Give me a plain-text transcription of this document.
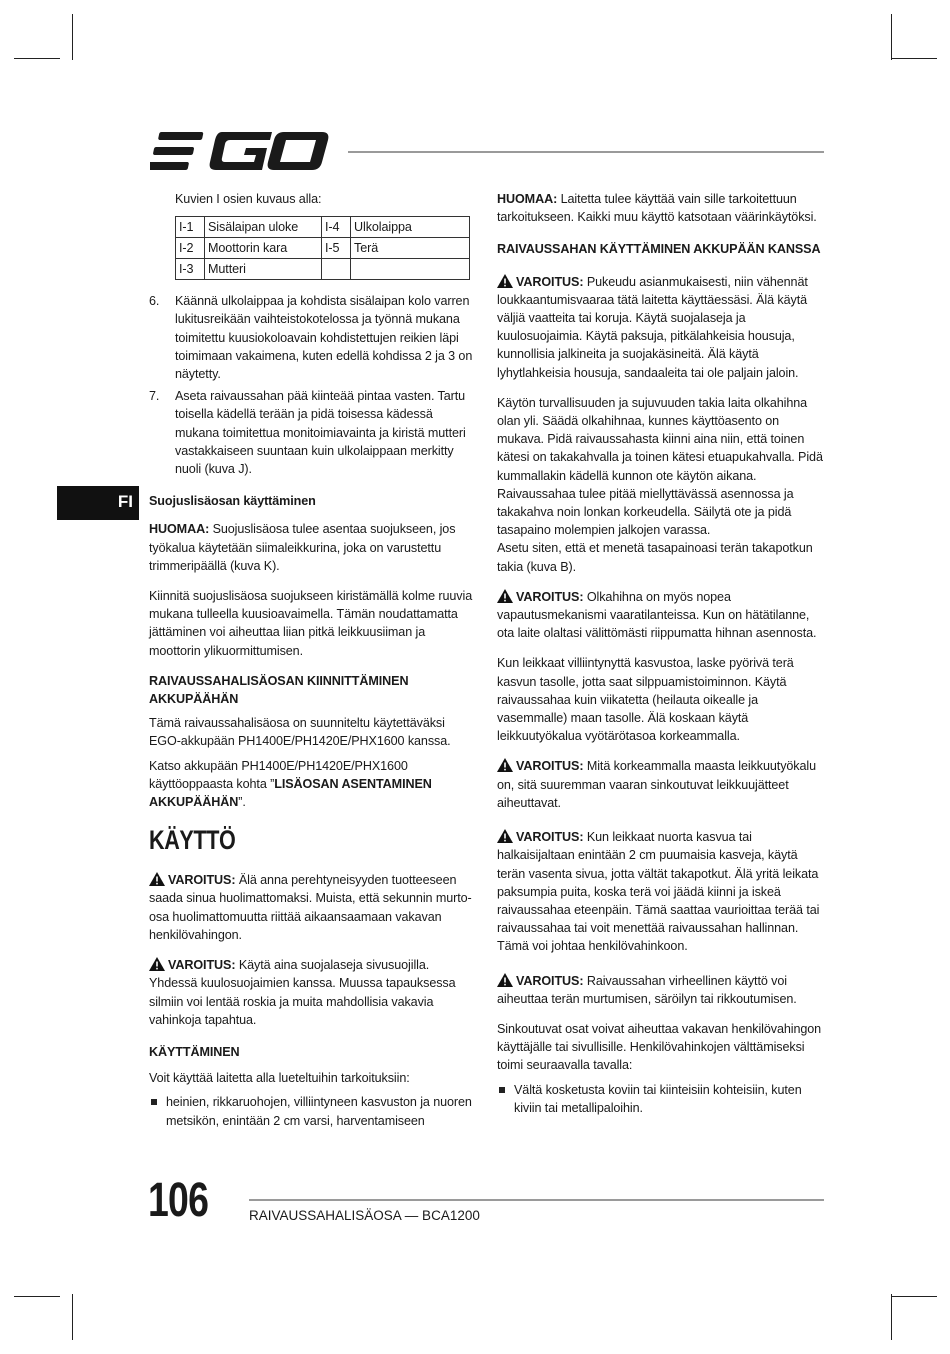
FI
Kuvien I osien kuvaus alla:
I-1	Sisälaipan uloke	I-4	Ulkolaippa
I-2	Moottorin kara	I-5	Terä
I-3	Mutteri		
6. Käännä ulkolaippaa ja kohdista sisälaipan kolo varren lukitusreikään vaihteistokotelossa ja työnnä mukana toimitettu kuusiokoloavain kohdistettujen reikien läpi toimimaan vakaimena, kuten edellä kohdissa 2 ja 3 on näytetty.
7. Aseta raivaussahan pää kiinteää pintaa vasten. Tartu toisella kädellä terään ja pidä toisessa kädessä mukana toimitettua monitoimiavainta ja kiristä mutteri vastakkaiseen suuntaan kuin ulkolaippaan merkitty nuoli (kuva J).
Suojuslisäosan käyttäminen

HUOMAA: Suojuslisäosa tulee asentaa suojukseen, jos työkalua käytetään siimaleikkurina, joka on varustettu trimmeripäällä (kuva K).

Kiinnitä suojuslisäosa suojukseen kiristämällä kolme ruuvia mukana tulleella kuusioavaimella. Tämän noudattamatta jättäminen voi aiheuttaa liian pitkä leikkuusiiman ja moottorin ylikuormittumisen.

RAIVAUSSAHALISÄOSAN KIINNITTÄMINEN AKKUPÄÄHÄN

Tämä raivaussahalisäosa on suunniteltu käytettäväksi EGO-akkupään PH1400E/PH1420E/PHX1600 kanssa.

Katso akkupään PH1400E/PH1420E/PHX1600 käyttöoppaasta kohta ”LISÄOSAN ASENTAMINEN AKKUPÄÄHÄN”.

KÄYTTÖ

VAROITUS: Älä anna perehtyneisyyden tuotteeseen saada sinua huolimattomaksi. Muista, että sekunnin murto-osa huolimattomuutta riittää aikaansaamaan vakavan henkilövahingon.

VAROITUS: Käytä aina suojalaseja sivusuojilla. Yhdessä kuulosuojaimien kanssa. Muussa tapauksessa silmiin voi lentää roskia ja muita mahdollisia vakavia vahinkoja tapahtua.

KÄYTTÄMINEN

Voit käyttää laitetta alla lueteltuihin tarkoituksiin:

heinien, rikkaruohojen, villiintyneen kasvuston ja nuoren metsikön, enintään 2 cm varsi, harventamiseen

HUOMAA: Laitetta tulee käyttää vain sille tarkoitettuun tarkoitukseen. Kaikki muu käyttö katsotaan väärinkäytöksi.

RAIVAUSSAHAN KÄYTTÄMINEN AKKUPÄÄN KANSSA

VAROITUS: Pukeudu asianmukaisesti, niin vähennät loukkaantumisvaaraa tätä laitetta käyttäessäsi. Älä käytä väljiä vaatteita tai koruja. Käytä suojalaseja ja kuulosuojaimia. Käytä paksuja, pitkälahkeisia housuja, kunnollisia jalkineita ja suojakäsineitä. Älä käytä lyhytlahkeisia housuja, sandaaleita tai ole paljain jaloin.

Käytön turvallisuuden ja sujuvuuden takia laita olkahihna olan yli. Säädä olkahihnaa, kunnes käyttöasento on mukava. Pidä raivaussahasta kiinni aina niin, että toinen kätesi on takakahvalla ja toinen kätesi etuapukahvalla. Pidä kummallakin kädellä kunnon ote käytön aikana. Raivaussahaa tulee pitää miellyttävässä asennossa ja takakahva noin lonkan korkeudella. Säilytä ote ja pidä tasapaino molempien jalkojen varassa.

Asetu siten, että et menetä tasapainoasi terän takapotkun takia (kuva B).

VAROITUS: Olkahihna on myös nopea vapautusmekanismi vaaratilanteissa. Kun on hätätilanne, ota laite olaltasi välittömästi riippumatta hihnan asennosta.

Kun leikkaat villiintynyttä kasvustoa, laske pyörivä terä kasvun tasolle, jotta saat silppuamistoiminnon. Käytä raivaussahaa kuin viikatetta (heilauta oikealle ja vasemmalle) maan tasolle. Älä koskaan käytä leikkuutyökalua vyötärötasoa korkeammalla.

VAROITUS: Mitä korkeammalla maasta leikkuutyökalu on, sitä suuremman vaaran sinkoutuvat leikkuujätteet aiheuttavat.

VAROITUS: Kun leikkaat nuorta kasvua tai halkaisijaltaan enintään 2 cm puumaisia kasveja, käytä terän vasenta sivua, jotta vältät takapotkut. Älä yritä leikata paksumpia puita, koska terä voi jäädä kiinni ja iskeä raivaussahaa eteenpäin. Tämä saattaa vaurioittaa terää tai raivaussahaa tai voit menettää raivaussahan hallinnan. Tämä voi johtaa henkilövahinkoon.

VAROITUS: Raivaussahan virheellinen käyttö voi aiheuttaa terän murtumisen, säröilyn tai rikkoutumisen.

Sinkoutuvat osat voivat aiheuttaa vakavan henkilövahingon käyttäjälle tai sivullisille. Henkilövahinkojen välttämiseksi toimi seuraavalla tavalla:

Vältä kosketusta koviin tai kiinteisiin kohteisiin, kuten kiviin tai metallipaloihin.
106	RAIVAUSSAHALISÄOSA — BCA1200
